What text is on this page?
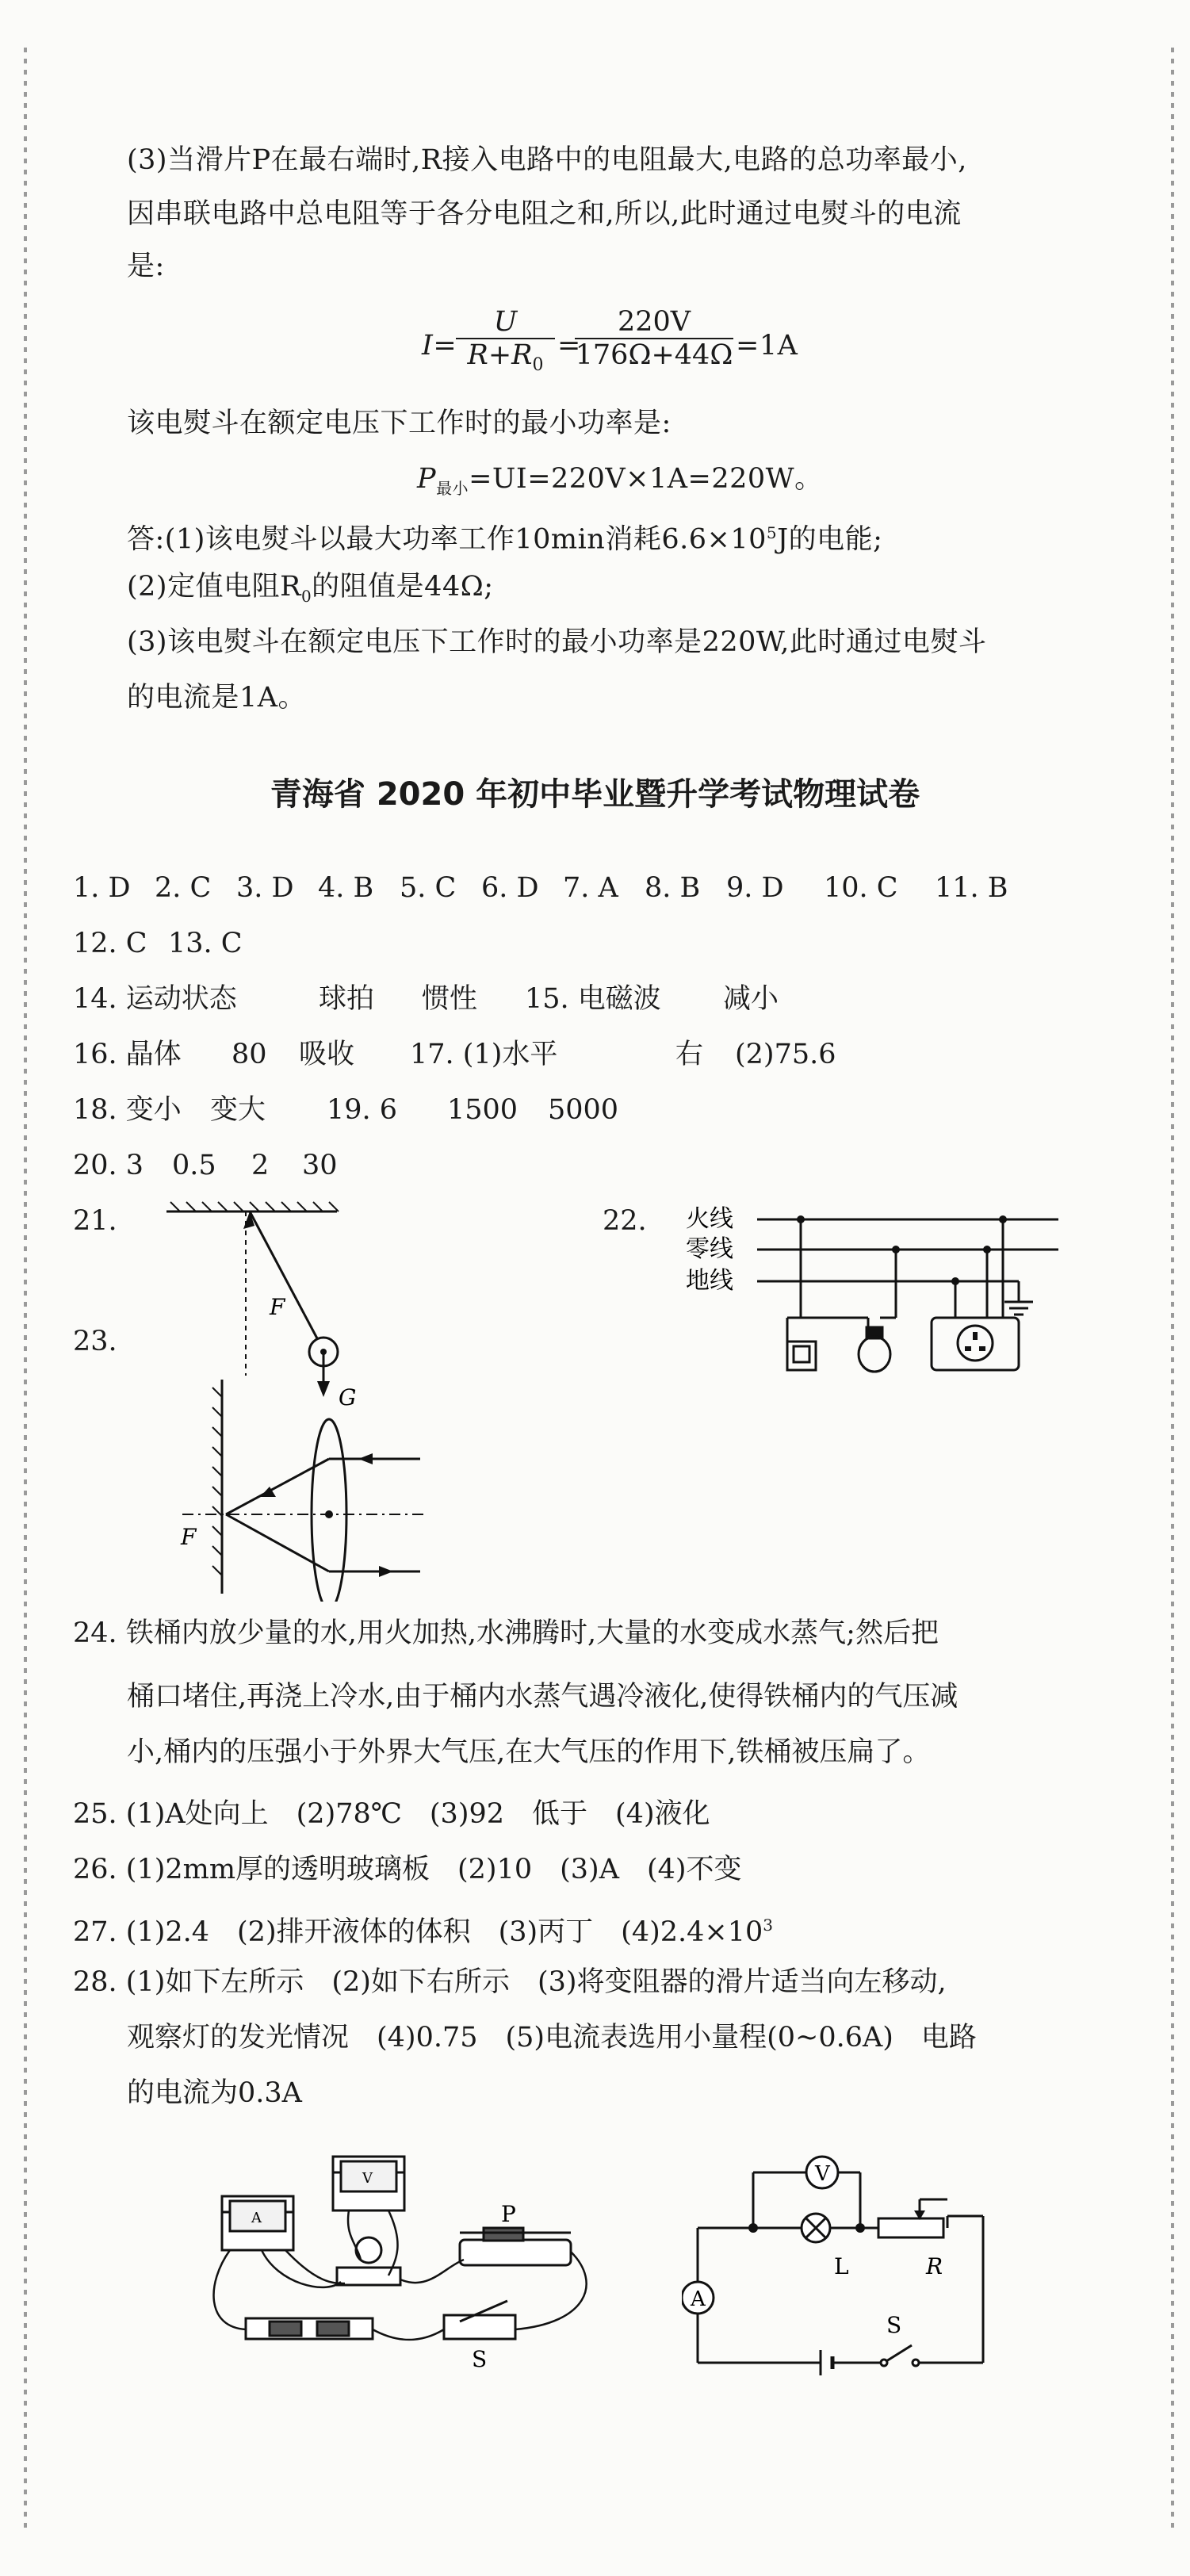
(3)当滑片P在最右端时,R接入电路中的电阻最大,电路的总功率最小,
因串联电路中总电阻等于各分电阻之和,所以,此时通过电熨斗的电流
是:
I=
$\frac{U}{R+R_0}$ =
$\frac{220V}{176\Omega+44\Omega} =1A$
该电熨斗在额定电压下工作时的最小功率是:
$P_{最小}=UI=220V\times 1A=220W$。
答:(1)该电熨斗以最大功率工作10min消耗$6.6\times 10^5J$的电能;
(2)定值电阻$R_0$的阻值是44Ω;
(3)该电熨斗在额定电压下工作时的最小功率是220W,此时通过电熨斗
的电流是1A。
青海省 2020 年初中毕业暨升学考试物理试卷
1. D 2. C 3. D 4. B 5. C 6. D 7. A 8. B 9. D 10. C 11. B
12. C 13. C
14. 运动状态	球拍 惯性 15. 电磁波 减小
16. 晶体 80 吸收 17. (1)水平	右 (2)75.6
18. 变小 变大 19. 6 1500 5000
20. 3 0.5 2 30
21.	22.
23.
F
G
火线
零线
地线
F
24. 铁桶内放少量的水,用火加热,水沸腾时,大量的水变成水蒸气;然后把
桶口堵住,再浇上冷水,由于桶内水蒸气遇冷液化,使得铁桶内的气压减
小,桶内的压强小于外界大气压,在大气压的作用下,铁桶被压扁了。
25. (1)A处向上　(2)78℃　(3)92　低于　(4)液化
26. (1)2mm厚的透明玻璃板　(2)10　(3)A　(4)不变
27. (1)2.4　(2)排开液体的体积　(3)丙丁　$(4)2.4\times 10^3$
28. (1)如下左所示　(2)如下右所示　(3)将变阻器的滑片适当向左移动,
观察灯的发光情况　(4)0.75　(5)电流表选用小量程(0~0.6A)　电路
的电流为0.3A
A
V
P
S
V
L	R
A
S
